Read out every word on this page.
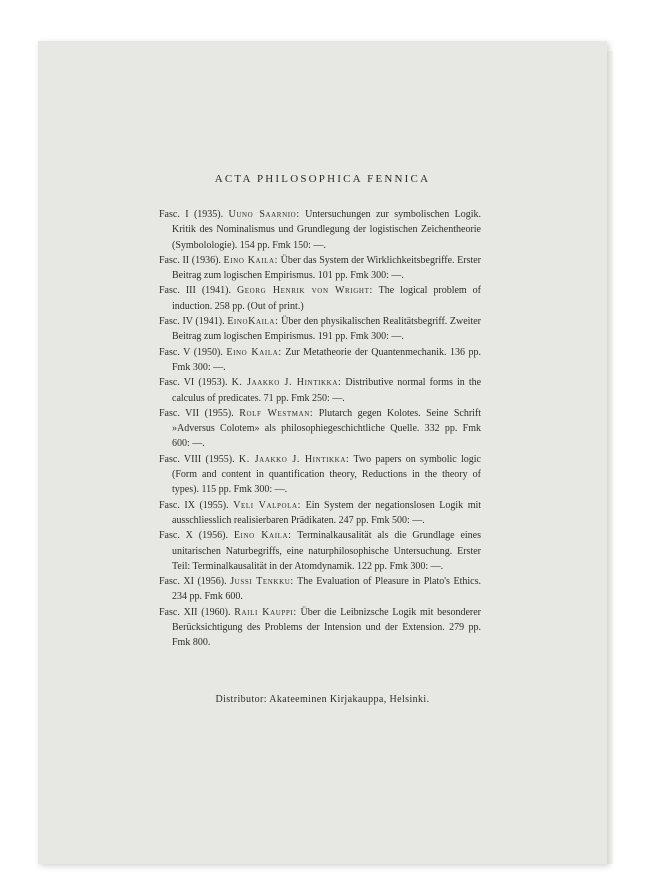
ACTA PHILOSOPHICA FENNICA

Fasc. I (1935). Uuno Saarnio: Untersuchungen zur symbolischen Logik. Kritik des Nominalismus und Grundlegung der logistischen Zeichentheorie (Symbolologie). 154 pp. Fmk 150: —.

Fasc. II (1936). Eino Kaila: Über das System der Wirklichkeitsbegriffe. Erster Beitrag zum logischen Empirismus. 101 pp. Fmk 300: —.

Fasc. III (1941). Georg Henrik von Wright: The logical problem of induction. 258 pp. (Out of print.)

Fasc. IV (1941). EinoKaila: Über den physikalischen Realitätsbegriff. Zweiter Beitrag zum logischen Empirismus. 191 pp. Fmk 300: —.

Fasc. V (1950). Eino Kaila: Zur Metatheorie der Quantenmechanik. 136 pp. Fmk 300: —.

Fasc. VI (1953). K. Jaakko J. Hintikka: Distributive normal forms in the calculus of predicates. 71 pp. Fmk 250: —.

Fasc. VII (1955). Rolf Westman: Plutarch gegen Kolotes. Seine Schrift »Adversus Colotem» als philosophiegeschichtliche Quelle. 332 pp. Fmk 600: —.

Fasc. VIII (1955). K. Jaakko J. Hintikka: Two papers on symbolic logic (Form and content in quantification theory, Reductions in the theory of types). 115 pp. Fmk 300: —.

Fasc. IX (1955). Veli Valpola: Ein System der negationslosen Logik mit ausschliesslich realisierbaren Prädikaten. 247 pp. Fmk 500: —.

Fasc. X (1956). Eino Kaila: Terminalkausalität als die Grundlage eines unitarischen Naturbegriffs, eine naturphilosophische Untersuchung. Erster Teil: Terminalkausalität in der Atomdynamik. 122 pp. Fmk 300: —.

Fasc. XI (1956). Jussi Tenkku: The Evaluation of Pleasure in Plato's Ethics. 234 pp. Fmk 600.

Fasc. XII (1960). Raili Kauppi: Über die Leibnizsche Logik mit besonderer Berücksichtigung des Problems der Intension und der Extension. 279 pp. Fmk 800.

Distributor: Akateeminen Kirjakauppa, Helsinki.
